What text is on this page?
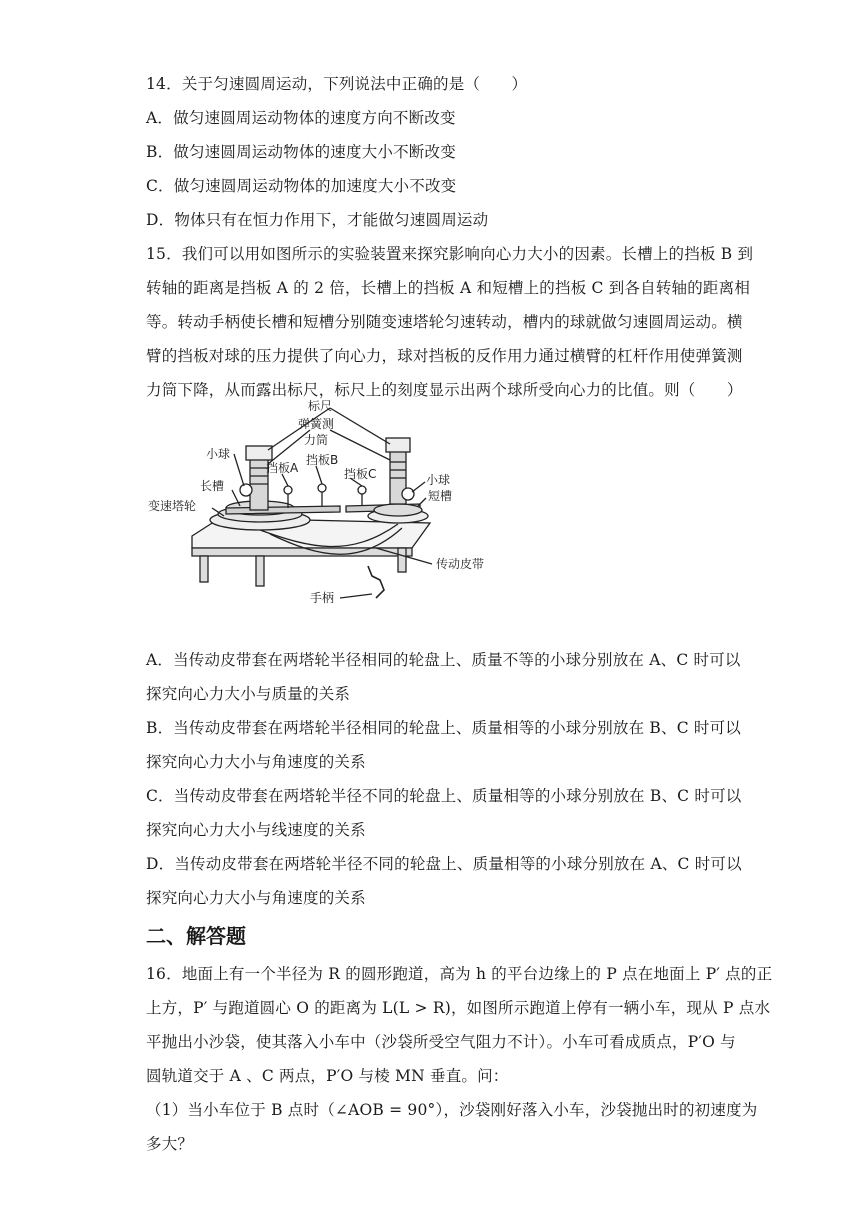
14．关于匀速圆周运动，下列说法中正确的是（　　）
A．做匀速圆周运动物体的速度方向不断改变
B．做匀速圆周运动物体的速度大小不断改变
C．做匀速圆周运动物体的加速度大小不改变
D．物体只有在恒力作用下，才能做匀速圆周运动
15．我们可以用如图所示的实验装置来探究影响向心力大小的因素。长槽上的挡板 B 到
转轴的距离是挡板 A 的 2 倍，长槽上的挡板 A 和短槽上的挡板 C 到各自转轴的距离相
等。转动手柄使长槽和短槽分别随变速塔轮匀速转动，槽内的球就做匀速圆周运动。横
臂的挡板对球的压力提供了向心力，球对挡板的反作用力通过横臂的杠杆作用使弹簧测
力筒下降，从而露出标尺，标尺上的刻度显示出两个球所受向心力的比值。则（　　）
标尺
弹簧测
力筒
小球
挡板A
挡板B
挡板C	小球
长槽
短槽
变速塔轮
传动皮带
手柄
A．当传动皮带套在两塔轮半径相同的轮盘上、质量不等的小球分别放在 A、C 时可以
探究向心力大小与质量的关系
B．当传动皮带套在两塔轮半径相同的轮盘上、质量相等的小球分别放在 B、C 时可以
探究向心力大小与角速度的关系
C．当传动皮带套在两塔轮半径不同的轮盘上、质量相等的小球分别放在 B、C 时可以
探究向心力大小与线速度的关系
D．当传动皮带套在两塔轮半径不同的轮盘上、质量相等的小球分别放在 A、C 时可以
探究向心力大小与角速度的关系
二、解答题
16．地面上有一个半径为 R 的圆形跑道，高为 h 的平台边缘上的 P 点在地面上 P′ 点的正
上方，P′ 与跑道圆心 O 的距离为 L(L > R)，如图所示跑道上停有一辆小车，现从 P 点水
平抛出小沙袋，使其落入小车中（沙袋所受空气阻力不计）。小车可看成质点，P′O 与
圆轨道交于 A 、C 两点，P′O 与棱 MN 垂直。问：
（1）当小车位于 B 点时（∠AOB = 90°），沙袋刚好落入小车，沙袋抛出时的初速度为
多大？
